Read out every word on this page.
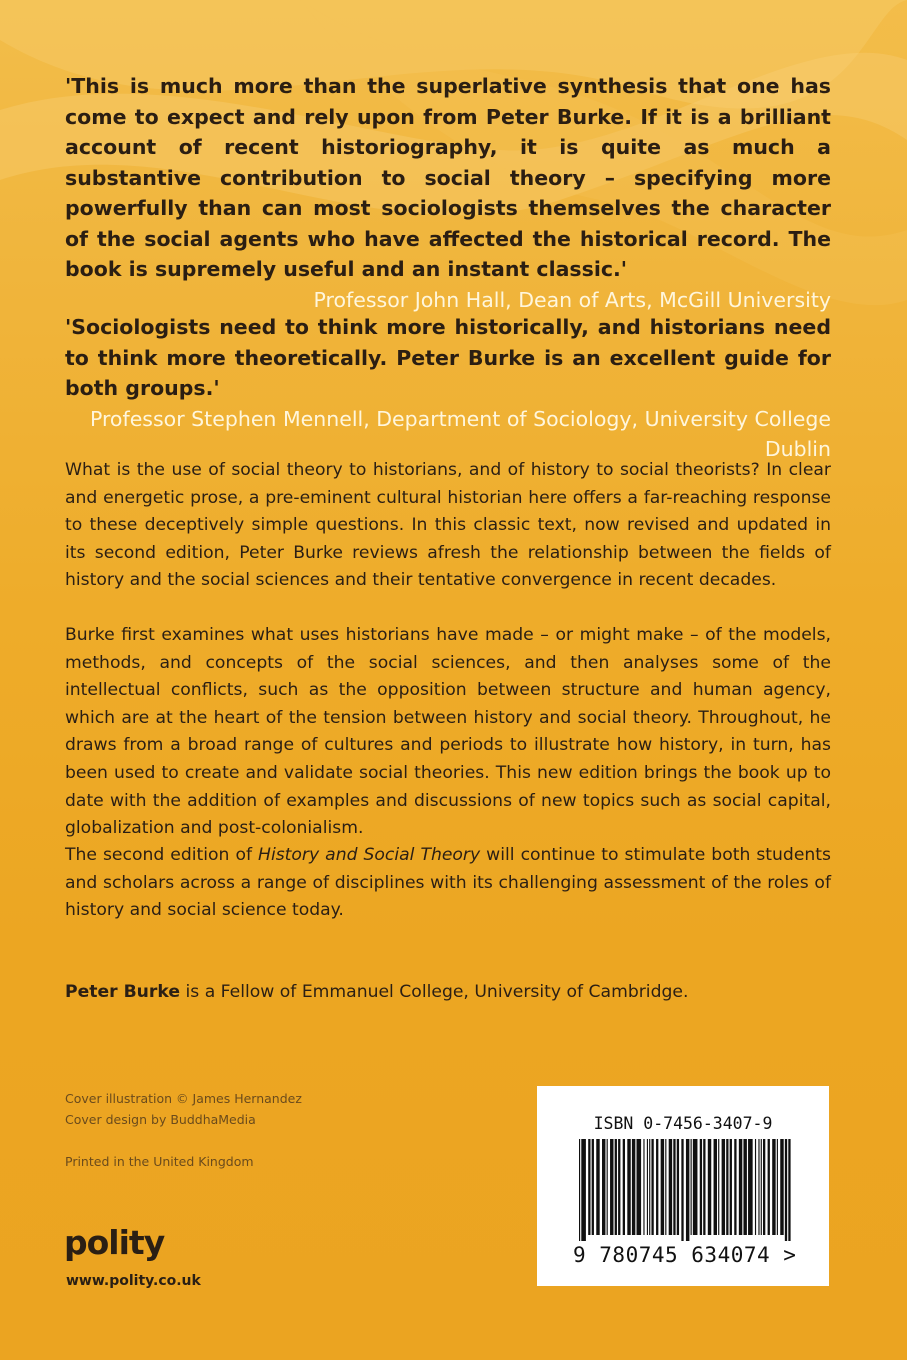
'This is much more than the superlative synthesis that one has come to expect and rely upon from Peter Burke. If it is a brilliant account of recent historiography, it is quite as much a substantive contribution to social theory – specifying more powerfully than can most sociologists themselves the character of the social agents who have affected the historical record. The book is supremely useful and an instant classic.'
Professor John Hall, Dean of Arts, McGill University

'Sociologists need to think more historically, and historians need to think more theoretically. Peter Burke is an excellent guide for both groups.'
Professor Stephen Mennell, Department of Sociology, University College Dublin

What is the use of social theory to historians, and of history to social theorists? In clear and energetic prose, a pre-eminent cultural historian here offers a far-reaching response to these deceptively simple questions. In this classic text, now revised and updated in its second edition, Peter Burke reviews afresh the relationship between the fields of history and the social sciences and their tentative convergence in recent decades.

Burke first examines what uses historians have made – or might make – of the models, methods, and concepts of the social sciences, and then analyses some of the intellectual conflicts, such as the opposition between structure and human agency, which are at the heart of the tension between history and social theory. Throughout, he draws from a broad range of cultures and periods to illustrate how history, in turn, has been used to create and validate social theories. This new edition brings the book up to date with the addition of examples and discussions of new topics such as social capital, globalization and post-colonialism.

The second edition of History and Social Theory will continue to stimulate both students and scholars across a range of disciplines with its challenging assessment of the roles of history and social science today.

Peter Burke is a Fellow of Emmanuel College, University of Cambridge.
Cover illustration © James Hernandez
Cover design by BuddhaMedia
Printed in the United Kingdom
polity
www.polity.co.uk
ISBN 0-7456-3407-9
9 780745 634074 >
